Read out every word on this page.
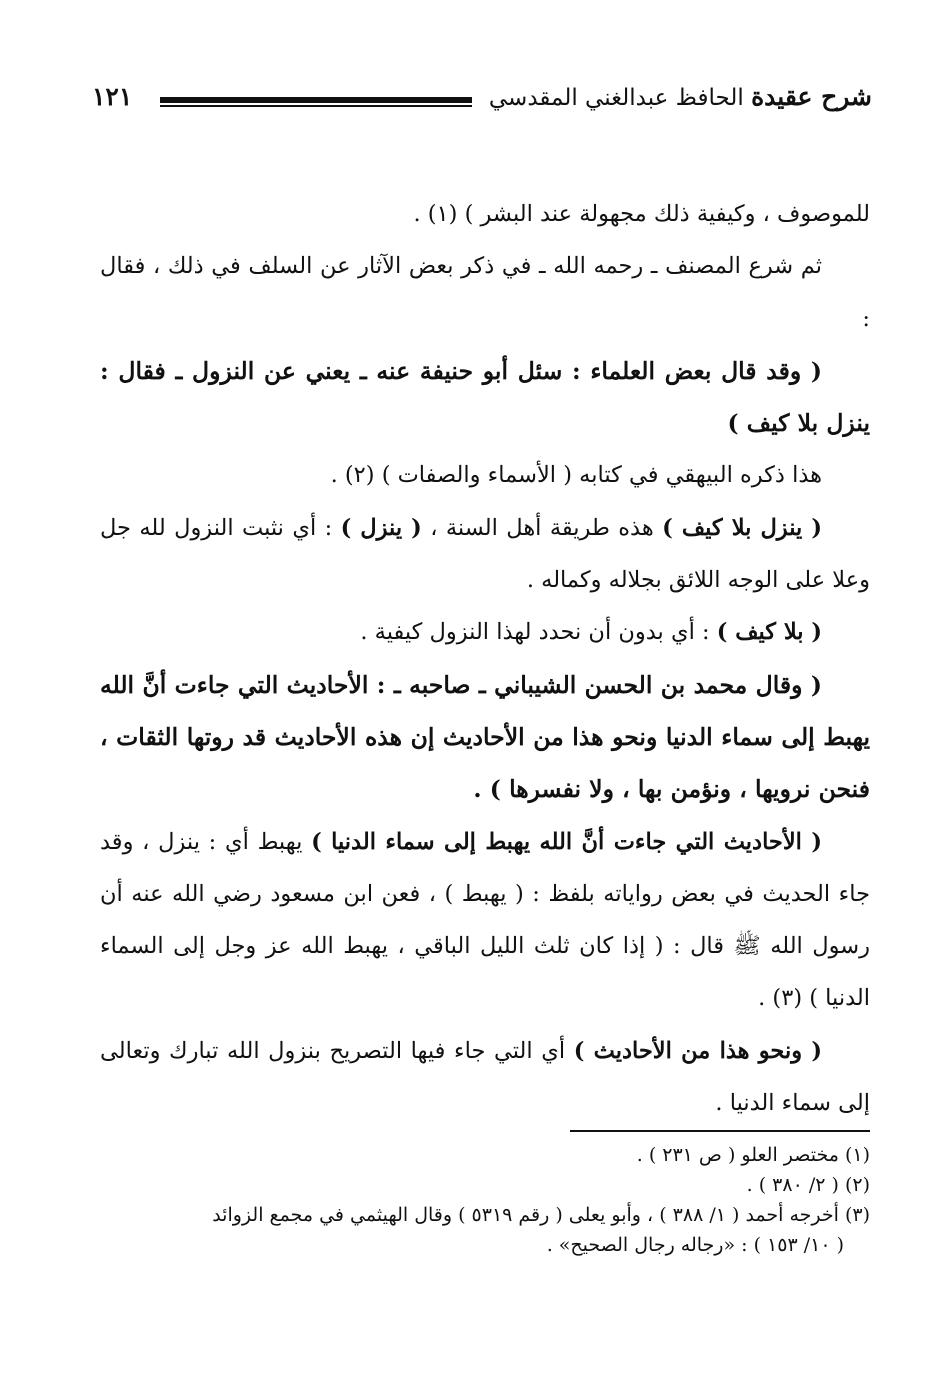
شرح عقيدة الحافظ عبدالغني المقدسي
١٢١

للموصوف ، وكيفية ذلك مجهولة عند البشر ) (١) .

ثم شرع المصنف ـ رحمه الله ـ في ذكر بعض الآثار عن السلف في ذلك ، فقال :

( وقد قال بعض العلماء : سئل أبو حنيفة عنه ـ يعني عن النزول ـ فقال : ينزل بلا كيف )

هذا ذكره البيهقي في كتابه ( الأسماء والصفات ) (٢) .

( ينزل بلا كيف ) هذه طريقة أهل السنة ، ( ينزل ) : أي نثبت النزول لله جل وعلا على الوجه اللائق بجلاله وكماله .

( بلا كيف ) : أي بدون أن نحدد لهذا النزول كيفية .

( وقال محمد بن الحسن الشيباني ـ صاحبه ـ : الأحاديث التي جاءت أنَّ الله يهبط إلى سماء الدنيا ونحو هذا من الأحاديث إن هذه الأحاديث قد روتها الثقات ، فنحن نرويها ، ونؤمن بها ، ولا نفسرها ) .

( الأحاديث التي جاءت أنَّ الله يهبط إلى سماء الدنيا ) يهبط أي : ينزل ، وقد جاء الحديث في بعض رواياته بلفظ : ( يهبط ) ، فعن ابن مسعود رضي الله عنه أن رسول الله ﷺ قال : ( إذا كان ثلث الليل الباقي ، يهبط الله عز وجل إلى السماء الدنيا ) (٣) .

( ونحو هذا من الأحاديث ) أي التي جاء فيها التصريح بنزول الله تبارك وتعالى إلى سماء الدنيا .

(١) مختصر العلو ( ص ٢٣١ ) .

(٢) ( ٢/ ٣٨٠ ) .

(٣) أخرجه أحمد ( ١/ ٣٨٨ ) ، وأبو يعلى ( رقم ٥٣١٩ ) وقال الهيثمي في مجمع الزوائد

( ١٠/ ١٥٣ ) : «رجاله رجال الصحيح» .
